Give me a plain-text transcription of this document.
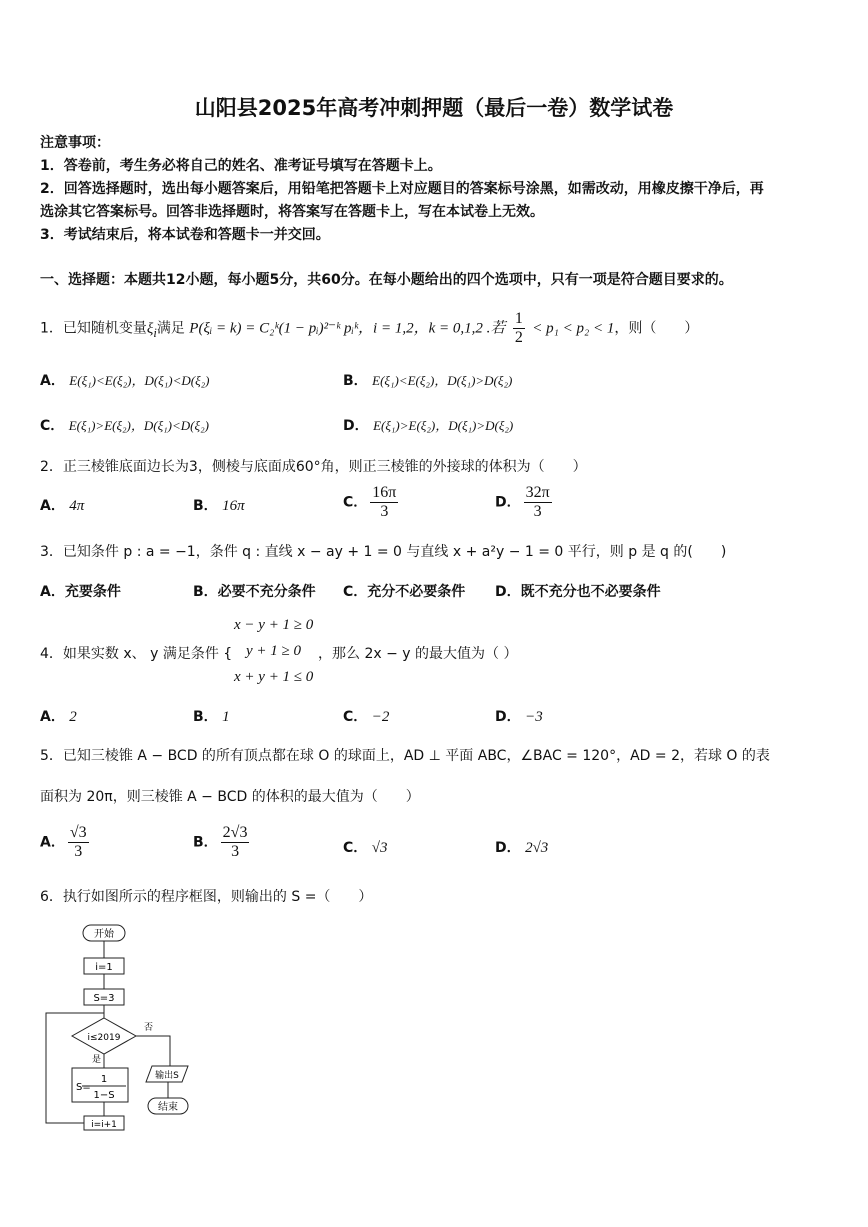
山阳县2025年高考冲刺押题（最后一卷）数学试卷
注意事项：
1．答卷前，考生务必将自己的姓名、准考证号填写在答题卡上。
2．回答选择题时，选出每小题答案后，用铅笔把答题卡上对应题目的答案标号涂黑，如需改动，用橡皮擦干净后，再
选涂其它答案标号。回答非选择题时，将答案写在答题卡上，写在本试卷上无效。
3．考试结束后，将本试卷和答题卡一并交回。
一、选择题：本题共12小题，每小题5分，共60分。在每小题给出的四个选项中，只有一项是符合题目要求的。
1．已知随机变量$\xi_i$满足 P(ξᵢ = k) = C₂ᵏ(1 − pᵢ)²⁻ᵏ pᵢᵏ，i = 1,2，k = 0,1,2 .若 $\frac{1}{2} < p_1 < p_2 < 1$，则（　　）
A． E(ξ₁)<E(ξ₂)，D(ξ₁)<D(ξ₂)	B． E(ξ₁)<E(ξ₂)，D(ξ₁)>D(ξ₂)
C． E(ξ₁)>E(ξ₂)，D(ξ₁)<D(ξ₂)	D． E(ξ₁)>E(ξ₂)，D(ξ₁)>D(ξ₂)
2．正三棱锥底面边长为3，侧棱与底面成60°角，则正三棱锥的外接球的体积为（　　）
A． 4π	B． 16π	C． $\frac{16\pi}{3}$	D． $\frac{32\pi}{3}$
3．已知条件 p : a = −1，条件 q : 直线 x − ay + 1 = 0 与直线 x + a²y − 1 = 0 平行，则 p 是 q 的(　　)
A．充要条件	B．必要不充分条件 C．充分不必要条件 D．既不充分也不必要条件
x − y + 1 ≥ 0
4．如果实数 x、 y 满足条件 { y + 1 ≥ 0 ，那么 2x − y 的最大值为（ ）
x + y + 1 ≤ 0
A． 2	B． 1	C． −2	D． −3
5．已知三棱锥 A − BCD 的所有顶点都在球 O 的球面上，AD ⊥ 平面 ABC，∠BAC = 120°，AD = 2，若球 O 的表
面积为 20π，则三棱锥 A − BCD 的体积的最大值为（　　）
A． $\frac{√3}{3}$	B． $\frac{2√3}{3}$	C． √3	D． 2√3
6．执行如图所示的程序框图，则输出的 S =（　　）
开始
i=1
S=3
i≤2019
是
否
S=
1
1−S
输出S
结束
i=i+1
